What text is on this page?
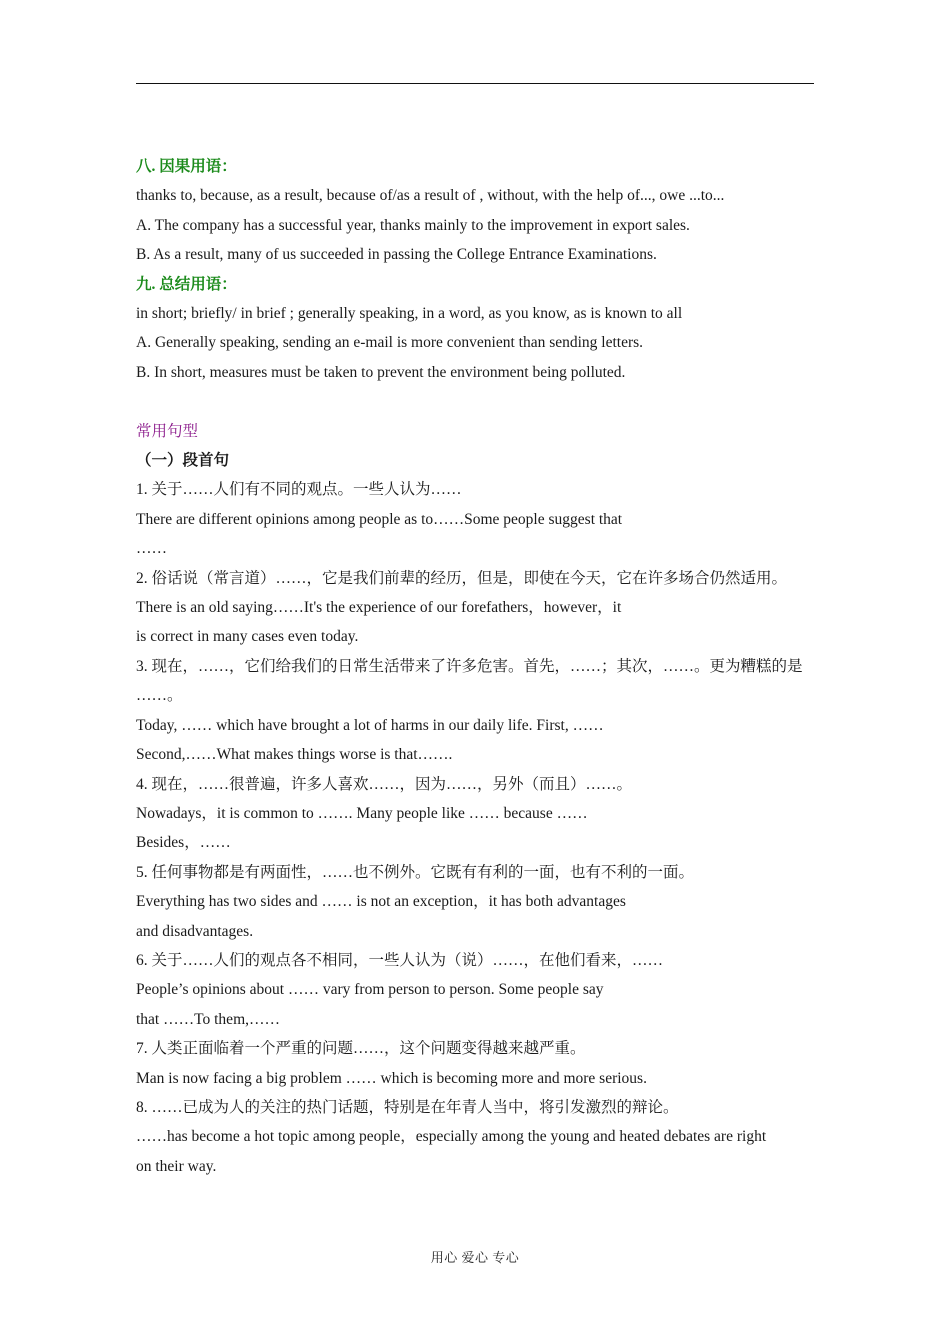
八. 因果用语：
thanks to, because, as a result, because of/as a result of , without, with the help of..., owe ...to...
A. The company has a successful year, thanks mainly to the improvement in export sales.
B. As a result, many of us succeeded in passing the College Entrance Examinations.
九. 总结用语：
in short; briefly/ in brief ; generally speaking, in a word, as you know, as is known to all
A. Generally speaking, sending an e-mail is more convenient than sending letters.
B. In short, measures must be taken to prevent the environment being polluted.
常用句型
（一）段首句
1. 关于……人们有不同的观点。一些人认为……
There are different opinions among people as to……Some people suggest that
……
2. 俗话说（常言道）……，它是我们前辈的经历，但是，即使在今天，它在许多场合仍然适用。
There is an old saying……It's the experience of our forefathers，however，it
is correct in many cases even today.
3. 现在，……，它们给我们的日常生活带来了许多危害。首先，……；其次，……。更为糟糕的是
……。
Today, …… which have brought a lot of harms in our daily life. First, ……
Second,……What makes things worse is that…….
4. 现在，……很普遍，许多人喜欢……，因为……，另外（而且）……。
Nowadays，it is common to ……. Many people like …… because ……
Besides，……
5. 任何事物都是有两面性，……也不例外。它既有有利的一面，也有不利的一面。
Everything has two sides and …… is not an exception，it has both advantages
and disadvantages.
6. 关于……人们的观点各不相同，一些人认为（说）……，在他们看来，……
People’s opinions about …… vary from person to person. Some people say
that ……To them,……
7. 人类正面临着一个严重的问题……，这个问题变得越来越严重。
Man is now facing a big problem …… which is becoming more and more serious.
8. ……已成为人的关注的热门话题，特别是在年青人当中，将引发激烈的辩论。
……has become a hot topic among people，especially among the young and heated debates are right
on their way.
用心 爱心 专心
